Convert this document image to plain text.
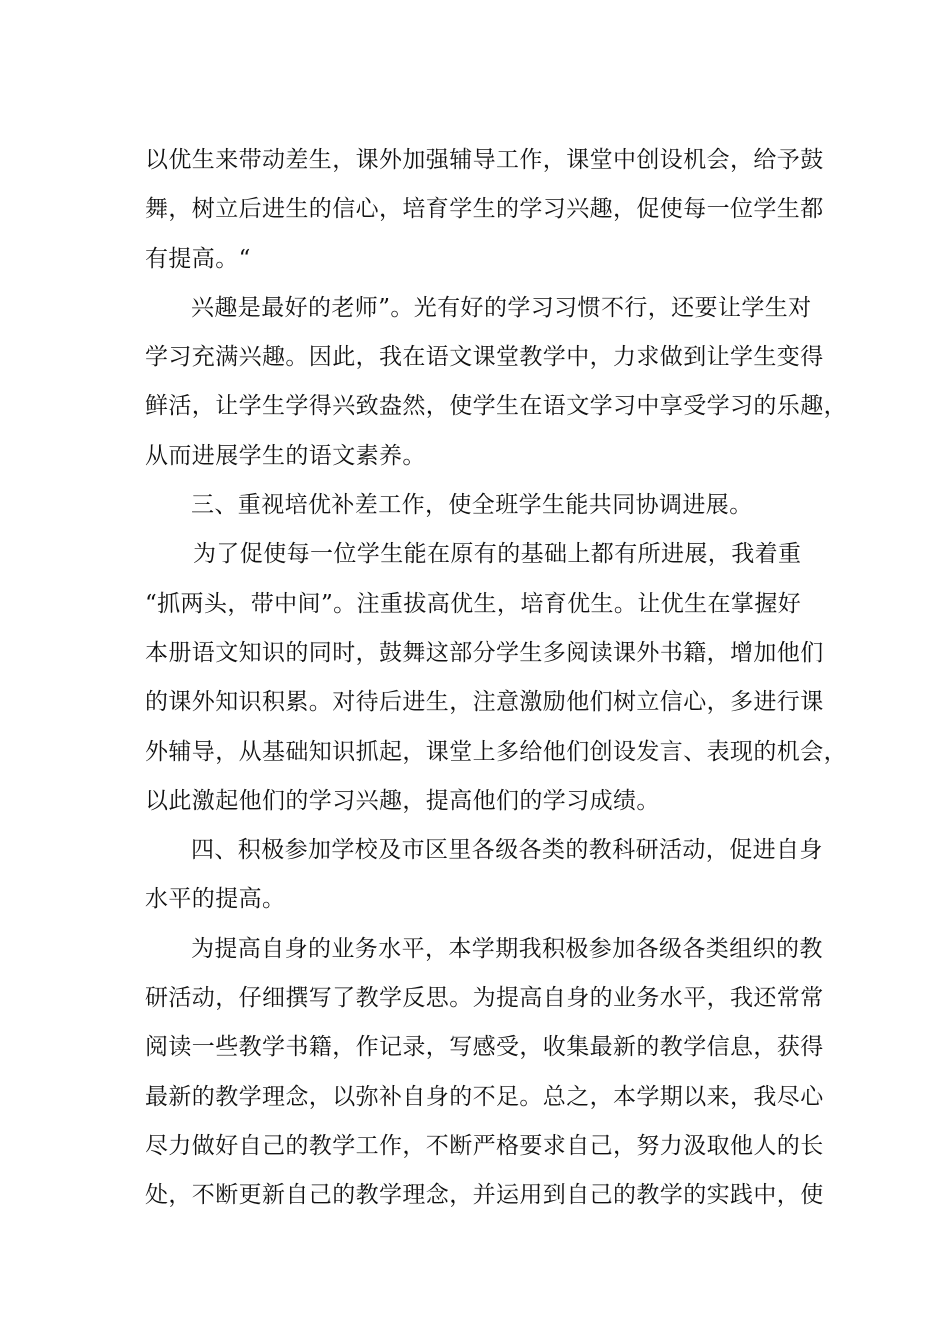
以优生来带动差生，课外加强辅导工作，课堂中创设机会，给予鼓
舞，树立后进生的信心，培育学生的学习兴趣，促使每一位学生都
有提高。“
兴趣是最好的老师”。光有好的学习习惯不行，还要让学生对
学习充满兴趣。因此，我在语文课堂教学中，力求做到让学生变得
鲜活，让学生学得兴致盎然，使学生在语文学习中享受学习的乐趣，
从而进展学生的语文素养。
三、重视培优补差工作，使全班学生能共同协调进展。
为了促使每一位学生能在原有的基础上都有所进展，我着重
“抓两头，带中间”。注重拔高优生，培育优生。让优生在掌握好
本册语文知识的同时，鼓舞这部分学生多阅读课外书籍，增加他们
的课外知识积累。对待后进生，注意激励他们树立信心，多进行课
外辅导，从基础知识抓起，课堂上多给他们创设发言、表现的机会，
以此激起他们的学习兴趣，提高他们的学习成绩。
四、积极参加学校及市区里各级各类的教科研活动，促进自身
水平的提高。
为提高自身的业务水平，本学期我积极参加各级各类组织的教
研活动，仔细撰写了教学反思。为提高自身的业务水平，我还常常
阅读一些教学书籍，作记录，写感受，收集最新的教学信息，获得
最新的教学理念，以弥补自身的不足。总之，本学期以来，我尽心
尽力做好自己的教学工作，不断严格要求自己，努力汲取他人的长
处，不断更新自己的教学理念，并运用到自己的教学的实践中，使
